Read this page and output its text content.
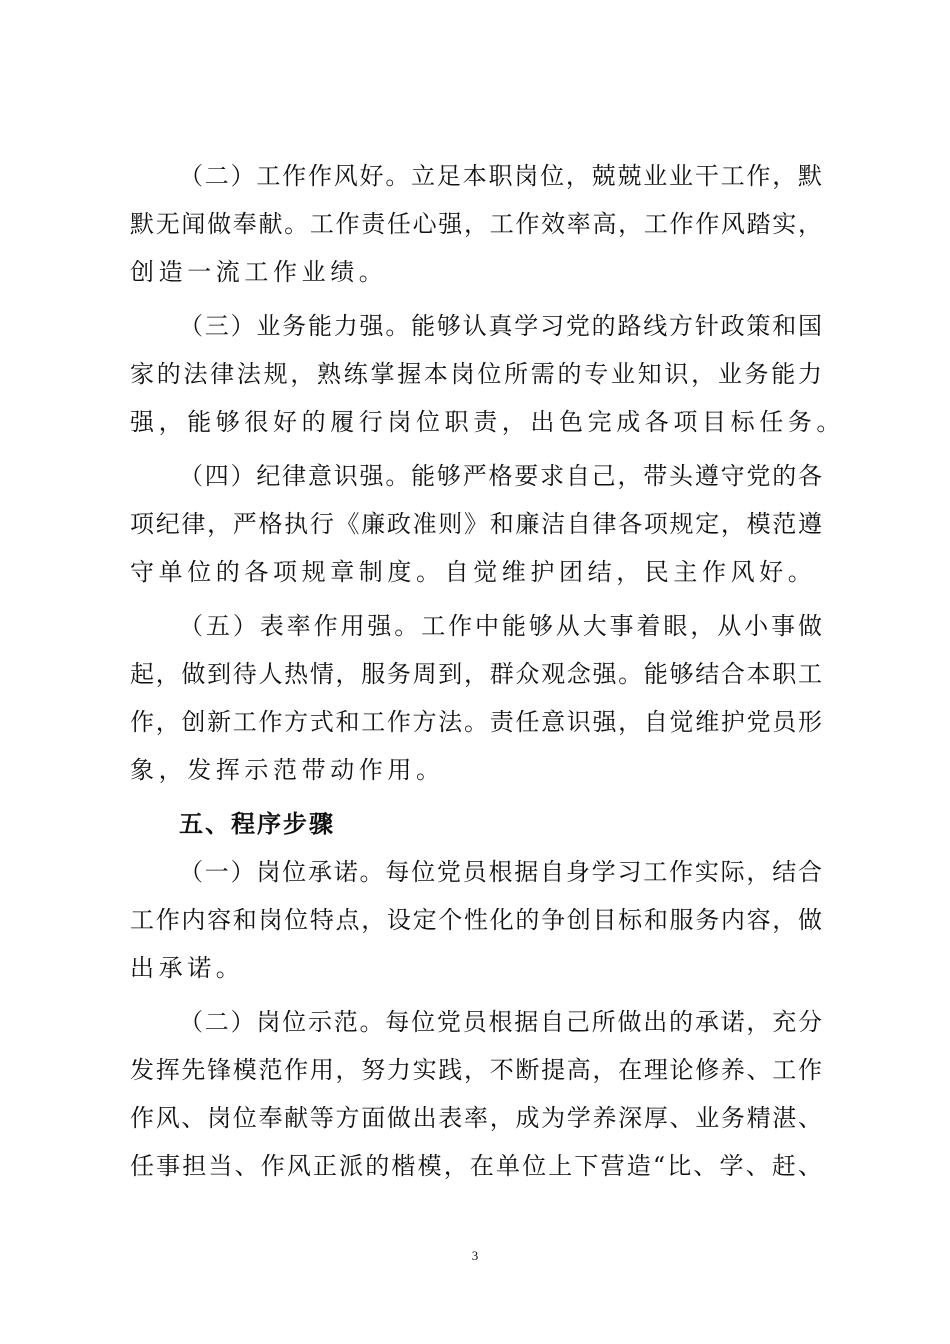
（二）工作作风好。立足本职岗位，兢兢业业干工作，默
默无闻做奉献。工作责任心强，工作效率高，工作作风踏实，
创造一流工作业绩。
（三）业务能力强。能够认真学习党的路线方针政策和国
家的法律法规，熟练掌握本岗位所需的专业知识，业务能力
强，能够很好的履行岗位职责，出色完成各项目标任务。
（四）纪律意识强。能够严格要求自己，带头遵守党的各
项纪律，严格执行《廉政准则》和廉洁自律各项规定，模范遵
守单位的各项规章制度。自觉维护团结，民主作风好。
（五）表率作用强。工作中能够从大事着眼，从小事做
起，做到待人热情，服务周到，群众观念强。能够结合本职工
作，创新工作方式和工作方法。责任意识强，自觉维护党员形
象，发挥示范带动作用。
五、程序步骤
（一）岗位承诺。每位党员根据自身学习工作实际，结合
工作内容和岗位特点，设定个性化的争创目标和服务内容，做
出承诺。
（二）岗位示范。每位党员根据自己所做出的承诺，充分
发挥先锋模范作用，努力实践，不断提高，在理论修养、工作
作风、岗位奉献等方面做出表率，成为学养深厚、业务精湛、
任事担当、作风正派的楷模，在单位上下营造“比、学、赶、
3
